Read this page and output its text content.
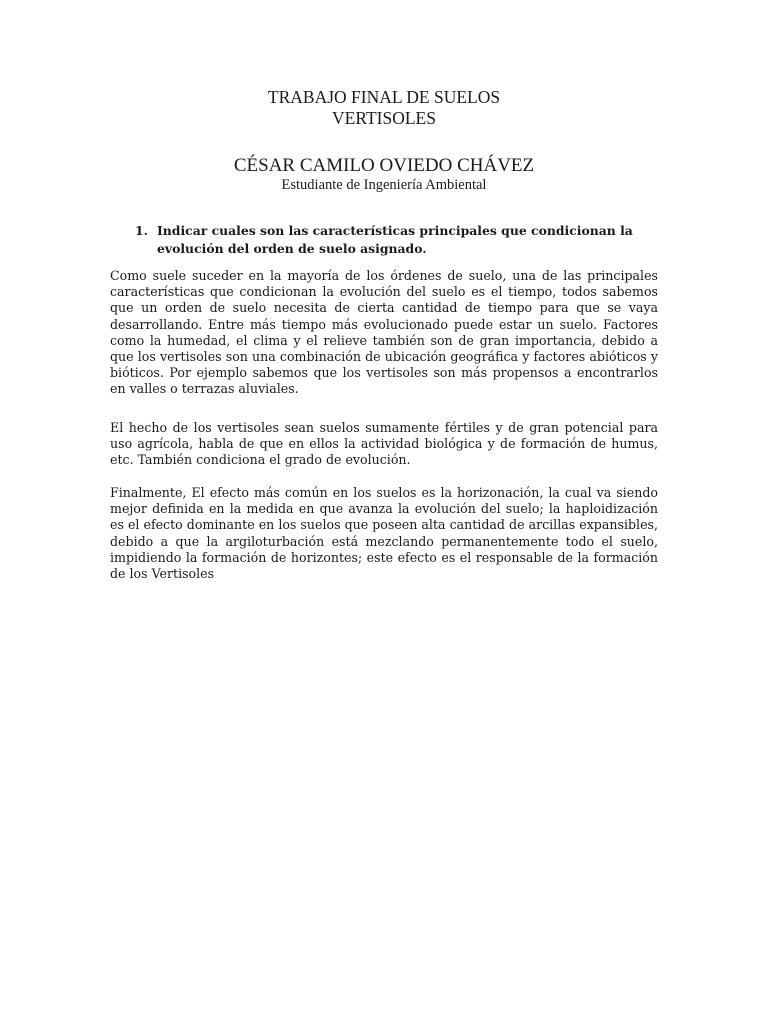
TRABAJO FINAL DE SUELOS
VERTISOLES
CÉSAR CAMILO OVIEDO CHÁVEZ
Estudiante de Ingeniería Ambiental
1. Indicar cuales son las características principales que condicionan la evolución del orden de suelo asignado.

Como suele suceder en la mayoría de los órdenes de suelo, una de las principales características que condicionan la evolución del suelo es el tiempo, todos sabemos que un orden de suelo necesita de cierta cantidad de tiempo para que se vaya desarrollando. Entre más tiempo más evolucionado puede estar un suelo. Factores como la humedad, el clima y el relieve también son de gran importancia, debido a que los vertisoles son una combinación de ubicación geográfica y factores abióticos y bióticos. Por ejemplo sabemos que los vertisoles son más propensos a encontrarlos en valles o terrazas aluviales.

El hecho de los vertisoles sean suelos sumamente fértiles y de gran potencial para uso agrícola, habla de que en ellos la actividad biológica y de formación de humus, etc. También condiciona el grado de evolución.

Finalmente, El efecto más común en los suelos es la horizonación, la cual va siendo mejor definida en la medida en que avanza la evolución del suelo; la haploidización es el efecto dominante en los suelos que poseen alta cantidad de arcillas expansibles, debido a que la argiloturbación está mezclando permanentemente todo el suelo, impidiendo la formación de horizontes; este efecto es el responsable de la formación de los Vertisoles
